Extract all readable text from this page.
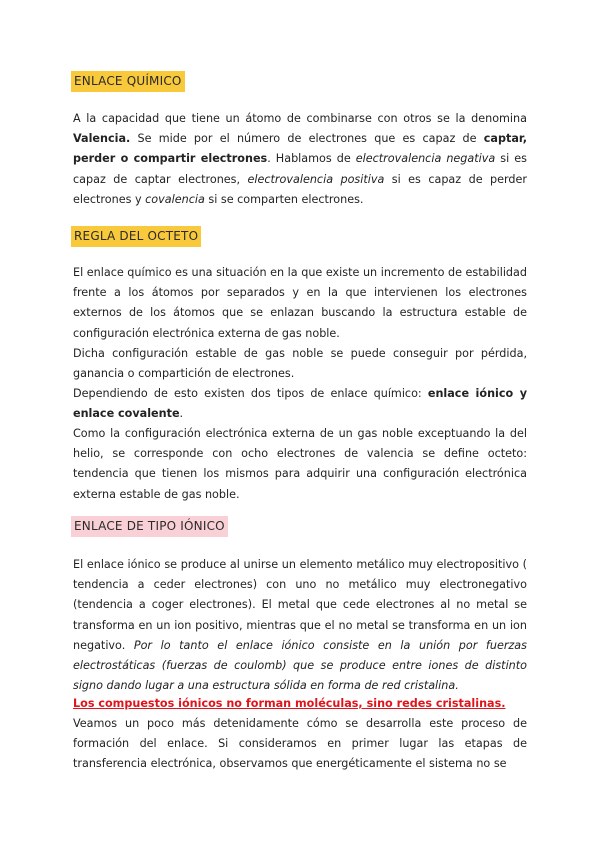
ENLACE QUÍMICO

A la capacidad que tiene un átomo de combinarse con otros se la denomina Valencia. Se mide por el número de electrones que es capaz de captar, perder o compartir electrones. Hablamos de electrovalencia negativa si es capaz de captar electrones, electrovalencia positiva si es capaz de perder electrones y covalencia si se comparten electrones.

REGLA DEL OCTETO

El enlace químico es una situación en la que existe un incremento de estabilidad frente a los átomos por separados y en la que intervienen los electrones externos de los átomos que se enlazan buscando la estructura estable de configuración electrónica externa de gas noble.

Dicha configuración estable de gas noble se puede conseguir por pérdida, ganancia o compartición de electrones.

Dependiendo de esto existen dos tipos de enlace químico: enlace iónico y enlace covalente.

Como la configuración electrónica externa de un gas noble exceptuando la del helio, se corresponde con ocho electrones de valencia se define octeto: tendencia que tienen los mismos para adquirir una configuración electrónica externa estable de gas noble.

ENLACE DE TIPO IÓNICO

El enlace iónico se produce al unirse un elemento metálico muy electropositivo ( tendencia a ceder electrones) con uno no metálico muy electronegativo (tendencia a coger electrones). El metal que cede electrones al no metal se transforma en un ion positivo, mientras que el no metal se transforma en un ion negativo. Por lo tanto el enlace iónico consiste en la unión por fuerzas electrostáticas (fuerzas de coulomb) que se produce entre iones de distinto signo dando lugar a una estructura sólida en forma de red cristalina.

Los compuestos iónicos no forman moléculas, sino redes cristalinas.

Veamos un poco más detenidamente cómo se desarrolla este proceso de formación del enlace. Si consideramos en primer lugar las etapas de transferencia electrónica, observamos que energéticamente el sistema no se
